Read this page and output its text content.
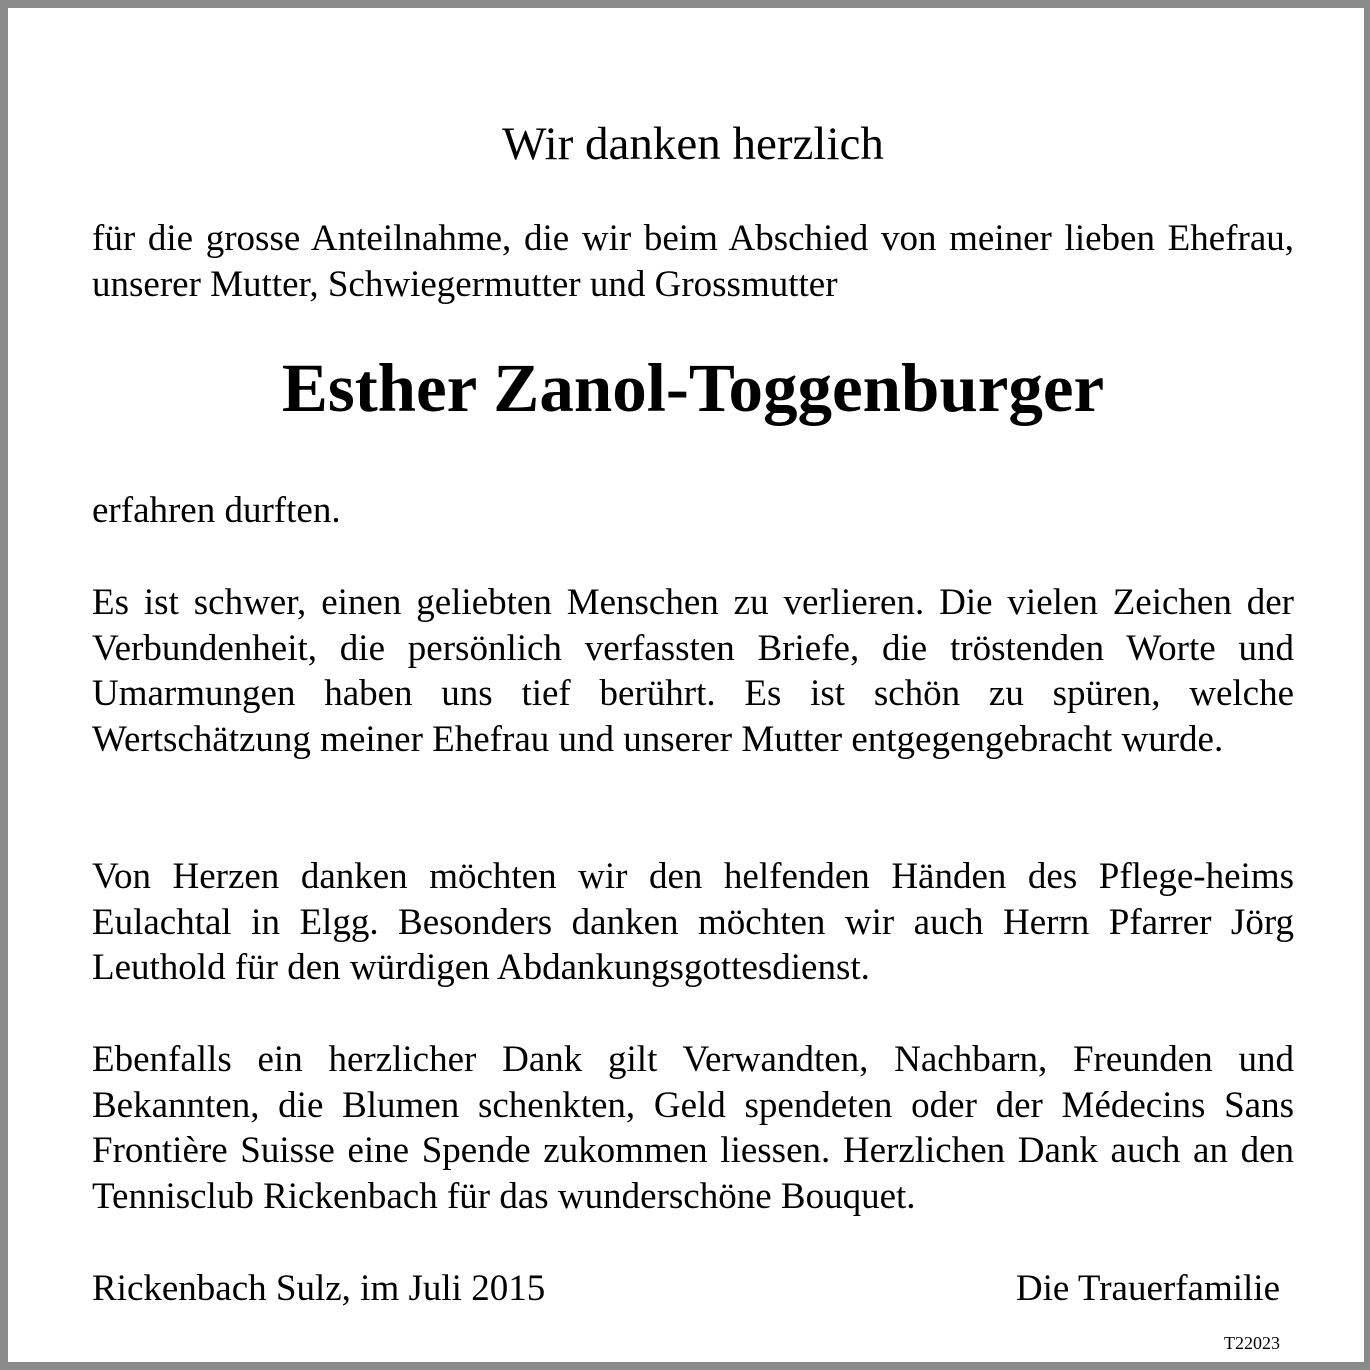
Wir danken herzlich
für die grosse Anteilnahme, die wir beim Abschied von meiner lieben Ehefrau, unserer Mutter, Schwiegermutter und Grossmutter
Esther Zanol-Toggenburger
erfahren durften.
Es ist schwer, einen geliebten Menschen zu verlieren. Die vielen Zeichen der Verbundenheit, die persönlich verfassten Briefe, die tröstenden Worte und Umarmungen haben uns tief berührt. Es ist schön zu spüren, welche Wertschätzung meiner Ehefrau und unserer Mutter entgegengebracht wurde.
Von Herzen danken möchten wir den helfenden Händen des Pflege-heims Eulachtal in Elgg. Besonders danken möchten wir auch Herrn Pfarrer Jörg Leuthold für den würdigen Abdankungsgottesdienst.
Ebenfalls ein herzlicher Dank gilt Verwandten, Nachbarn, Freunden und Bekannten, die Blumen schenkten, Geld spendeten oder der Médecins Sans Frontière Suisse eine Spende zukommen liessen. Herzlichen Dank auch an den Tennisclub Rickenbach für das wunderschöne Bouquet.
Rickenbach Sulz, im Juli 2015	Die Trauerfamilie
T22023
